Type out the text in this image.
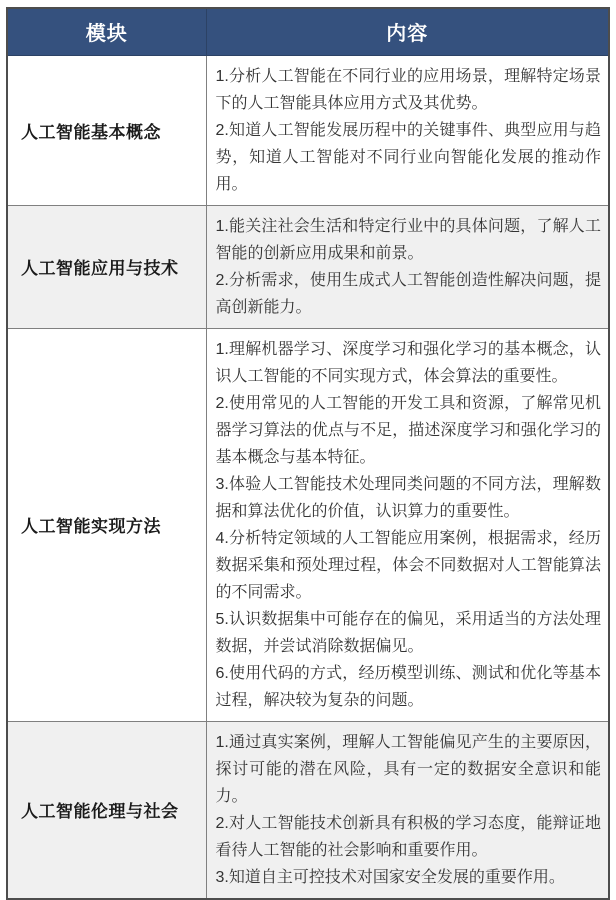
模块	内容
人工智能基本概念	1.分析人工智能在不同行业的应用场景，理解特定场景下的人工智能具体应用方式及其优势。

2.知道人工智能发展历程中的关键事件、典型应用与趋势，知道人工智能对不同行业向智能化发展的推动作用。

人工智能应用与技术	1.能关注社会生活和特定行业中的具体问题，了解人工智能的创新应用成果和前景。

2.分析需求，使用生成式人工智能创造性解决问题，提高创新能力。

人工智能实现方法	

1.理解机器学习、深度学习和强化学习的基本概念，认识人工智能的不同实现方式，体会算法的重要性。

2.使用常见的人工智能的开发工具和资源，了解常见机器学习算法的优点与不足，描述深度学习和强化学习的基本概念与基本特征。

3.体验人工智能技术处理同类问题的不同方法，理解数据和算法优化的价值，认识算力的重要性。

4.分析特定领域的人工智能应用案例，根据需求，经历数据采集和预处理过程，体会不同数据对人工智能算法的不同需求。

5.认识数据集中可能存在的偏见，采用适当的方法处理数据，并尝试消除数据偏见。

6.使用代码的方式，经历模型训练、测试和优化等基本过程，解决较为复杂的问题。

人工智能伦理与社会	1.通过真实案例，理解人工智能偏见产生的主要原因，探讨可能的潜在风险，具有一定的数据安全意识和能力。

2.对人工智能技术创新具有积极的学习态度，能辩证地看待人工智能的社会影响和重要作用。

3.知道自主可控技术对国家安全发展的重要作用。
